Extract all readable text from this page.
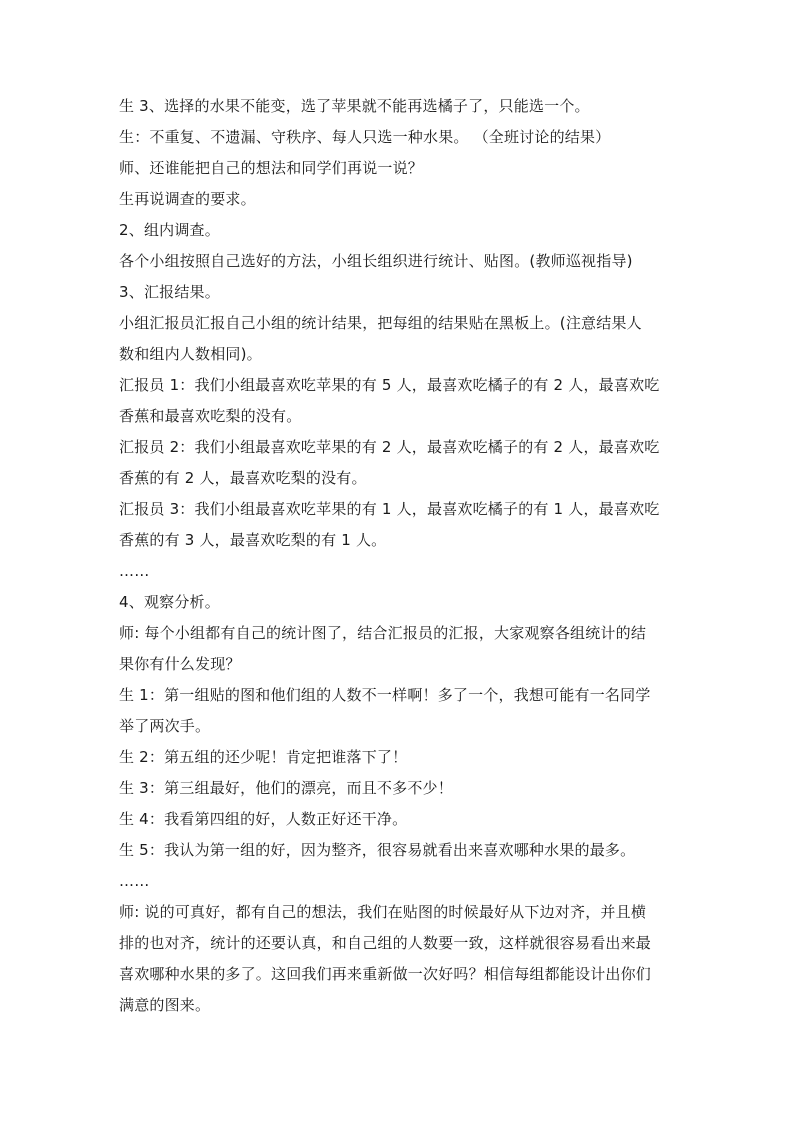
生 3、选择的水果不能变，选了苹果就不能再选橘子了，只能选一个。
生：不重复、不遗漏、守秩序、每人只选一种水果。 （全班讨论的结果）
师、还谁能把自己的想法和同学们再说一说？
生再说调查的要求。
2、组内调查。
各个小组按照自己选好的方法，小组长组织进行统计、贴图。(教师巡视指导)
3、汇报结果。
小组汇报员汇报自己小组的统计结果，把每组的结果贴在黑板上。(注意结果人
数和组内人数相同)。
汇报员 1：我们小组最喜欢吃苹果的有 5 人，最喜欢吃橘子的有 2 人，最喜欢吃
香蕉和最喜欢吃梨的没有。
汇报员 2：我们小组最喜欢吃苹果的有 2 人，最喜欢吃橘子的有 2 人，最喜欢吃
香蕉的有 2 人，最喜欢吃梨的没有。
汇报员 3：我们小组最喜欢吃苹果的有 1 人，最喜欢吃橘子的有 1 人，最喜欢吃
香蕉的有 3 人，最喜欢吃梨的有 1 人。
……
4、观察分析。
师: 每个小组都有自己的统计图了，结合汇报员的汇报，大家观察各组统计的结
果你有什么发现？
生 1：第一组贴的图和他们组的人数不一样啊！多了一个，我想可能有一名同学
举了两次手。
生 2：第五组的还少呢！肯定把谁落下了！
生 3：第三组最好，他们的漂亮，而且不多不少！
生 4：我看第四组的好，人数正好还干净。
生 5：我认为第一组的好，因为整齐，很容易就看出来喜欢哪种水果的最多。
……
师: 说的可真好，都有自己的想法，我们在贴图的时候最好从下边对齐，并且横
排的也对齐，统计的还要认真，和自己组的人数要一致，这样就很容易看出来最
喜欢哪种水果的多了。这回我们再来重新做一次好吗？相信每组都能设计出你们
满意的图来。
